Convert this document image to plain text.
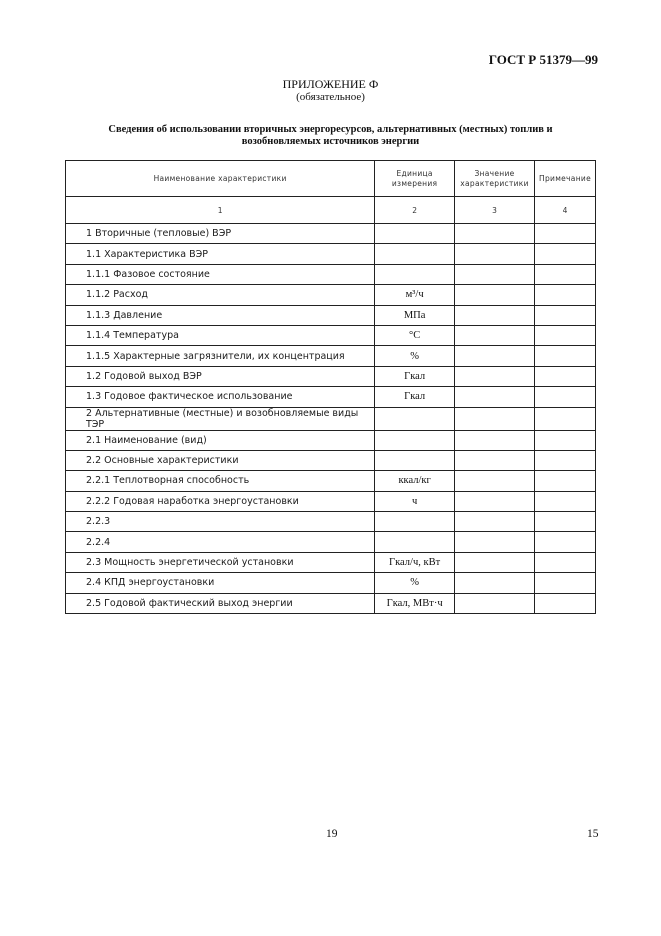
ГОСТ Р 51379—99
ПРИЛОЖЕНИЕ Ф
(обязательное)
Сведения об использовании вторичных энергоресурсов, альтернативных (местных) топлив и
возобновляемых источников энергии
Наименование характеристики	Единица измерения	Значение характеристики	Примечание
1	2	3	4
1 Вторичные (тепловые) ВЭР			
1.1 Характеристика ВЭР			
1.1.1 Фазовое состояние			
1.1.2 Расход	м³/ч		
1.1.3 Давление	МПа		
1.1.4 Температура	°С		
1.1.5 Характерные загрязнители, их концентрация	%		
1.2 Годовой выход ВЭР	Гкал		
1.3 Годовое фактическое использование	Гкал		
2 Альтернативные (местные) и возобновляемые виды ТЭР			
2.1 Наименование (вид)			
2.2 Основные характеристики			
2.2.1 Теплотворная способность	ккал/кг		
2.2.2 Годовая наработка энергоустановки	ч		
2.2.3			
2.2.4			
2.3 Мощность энергетической установки	Гкал/ч, кВт		
2.4 КПД энергоустановки	%		
2.5 Годовой фактический выход энергии	Гкал, МВт·ч		
19	15
